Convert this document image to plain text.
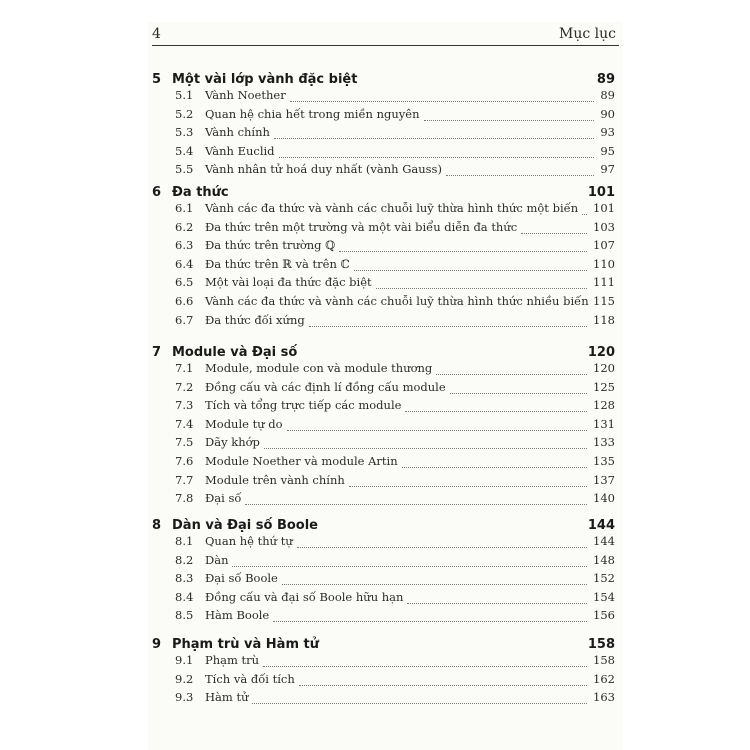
4	Mục lục
5 Một vài lớp vành đặc biệt	89
5.1	Vành Noether	89
5.2	Quan hệ chia hết trong miền nguyên	90
5.3	Vành chính	93
5.4	Vành Euclid	95
5.5	Vành nhân tử hoá duy nhất (vành Gauss)	97
6 Đa thức	101
6.1	Vành các đa thức và vành các chuỗi luỹ thừa hình thức một biến 101
6.2	Đa thức trên một trường và một vài biểu diễn đa thức	103
6.3	Đa thức trên trường ℚ	107
6.4	Đa thức trên ℝ và trên ℂ	110
6.5	Một vài loại đa thức đặc biệt	111
6.6	Vành các đa thức và vành các chuỗi luỹ thừa hình thức nhiều biến 115
6.7	Đa thức đối xứng	118
7 Module và Đại số	120
7.1	Module, module con và module thương	120
7.2	Đồng cấu và các định lí đồng cấu module	125
7.3	Tích và tổng trực tiếp các module	128
7.4	Module tự do	131
7.5	Dãy khớp	133
7.6	Module Noether và module Artin	135
7.7	Module trên vành chính	137
7.8	Đại số	140
8 Dàn và Đại số Boole	144
8.1	Quan hệ thứ tự	144
8.2	Dàn	148
8.3	Đại số Boole	152
8.4	Đồng cấu và đại số Boole hữu hạn	154
8.5	Hàm Boole	156
9 Phạm trù và Hàm tử	158
9.1	Phạm trù	158
9.2	Tích và đối tích	162
9.3	Hàm tử	163
